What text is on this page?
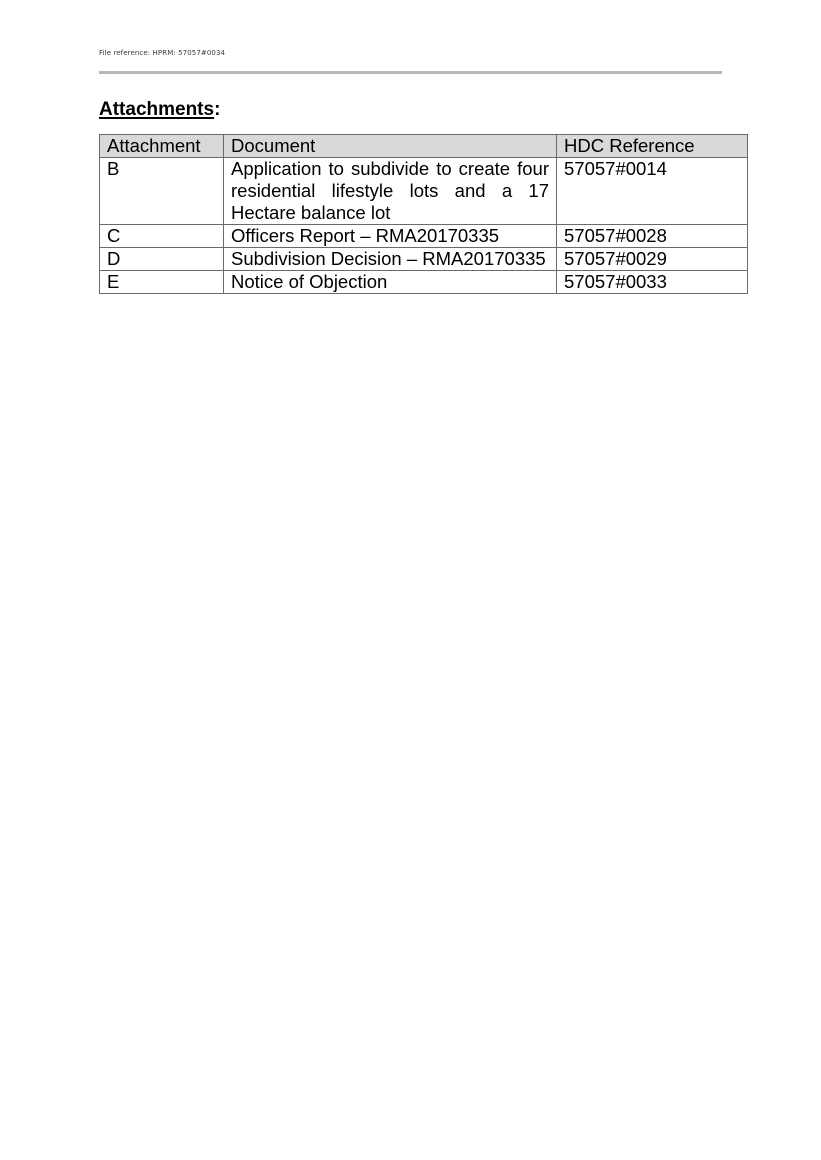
File reference: HPRM: 57057#0034
Attachments:
Attachment	Document	HDC Reference
B	Application to subdivide to create four residential lifestyle lots and a 17 Hectare balance lot	57057#0014
C	Officers Report – RMA20170335	57057#0028
D	Subdivision Decision – RMA20170335	57057#0029
E	Notice of Objection	57057#0033
